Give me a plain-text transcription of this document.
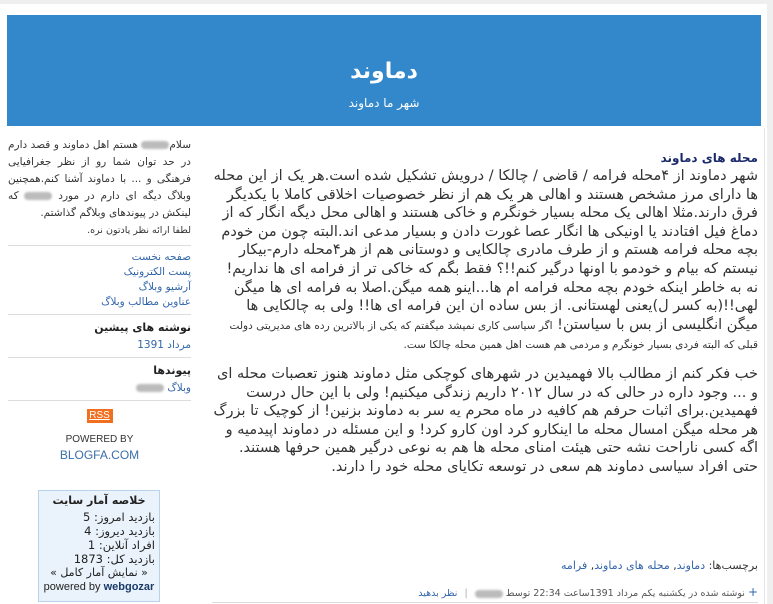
دماوند
شهر ما دماوند
سلام هستم اهل دماوند و قصد دارم در حد توان شما رو از نظر جغرافیایی فرهنگی و ... با دماوند آشنا کنم.همچنین وبلاگ دیگه ای دارم در مورد  که لینکش در پیوندهای وبلاگم گذاشتم.
لطفا ارائه نظر یادتون نره.
صفحه نخست
پست الکترونیک
آرشیو وبلاگ
عناوین مطالب وبلاگ
نوشته های پیشین
مرداد 1391
پیوندها
وبلاگ
RSS
POWERED BY
BLOGFA.COM
خلاصه آمار سایت
بازدید امروز: 5
بازدید دیروز: 4
افراد آنلاین: 1
بازدید کل: 1873
« نمایش آمار کامل »
powered by webgozar
محله های دماوند

شهر دماوند از ۴محله فرامه / قاضی / چالکا / درویش تشکیل شده است.هر یک از این محله ها دارای مرز مشخص هستند و اهالی هر یک هم از نظر خصوصیات اخلاقی کاملا با یکدیگر فرق دارند.مثلا اهالی یک محله بسیار خونگرم و خاکی هستند و اهالی محل دیگه انگار که از دماغ فیل افتادند یا اونیکی ها انگار عصا غورت دادن و بسیار مدعی اند.البته چون من خودم بچه محله فرامه هستم و از طرف مادری چالکایی و دوستانی هم از هر۴محله دارم-بیکار نیستم که بیام و خودمو با اونها درگیر کنم!!؟ فقط بگم که خاکی تر از فرامه ای ها نداریم! نه به خاطر اینکه خودم بچه محله فرامه ام ها...اینو همه میگن.اصلا به فرامه ای ها میگن لهی!!(به کسر ل)یعنی لهستانی. از بس ساده ان این فرامه ای ها!! ولی به چالکایی ها میگن انگلیسی از بس با سیاستن! اگر سیاسی کاری نمیشد میگفتم که یکی از بالاترین رده های مدیریتی دولت قبلی که البته فردی بسیار خونگرم و مردمی هم هست اهل همین محله چالکا ست.

خب فکر کنم از مطالب بالا فهمیدین در شهرهای کوچکی مثل دماوند هنوز تعصبات محله ای و ... وجود داره در حالی که در سال ۲۰۱۲ داریم زندگی میکنیم! ولی با این حال درست فهمیدین.برای اثبات حرفم هم کافیه در ماه محرم یه سر به دماوند بزنین! از کوچیک تا بزرگ هر محله میگن امسال محله ما اینکارو کرد اون کارو کرد! و این مسئله در دماوند اپیدمیه و اگه کسی ناراحت نشه حتی هیئت امنای محله ها هم به نوعی درگیر همین حرفها هستند. حتی افراد سیاسی دماوند هم سعی در توسعه تکایای محله خود را دارند.

برچسب‌ها: دماوند, محله های دماوند, فرامه
+ نوشته شده در یکشنبه یکم مرداد 1391ساعت 22:34 توسط  | نظر بدهید
